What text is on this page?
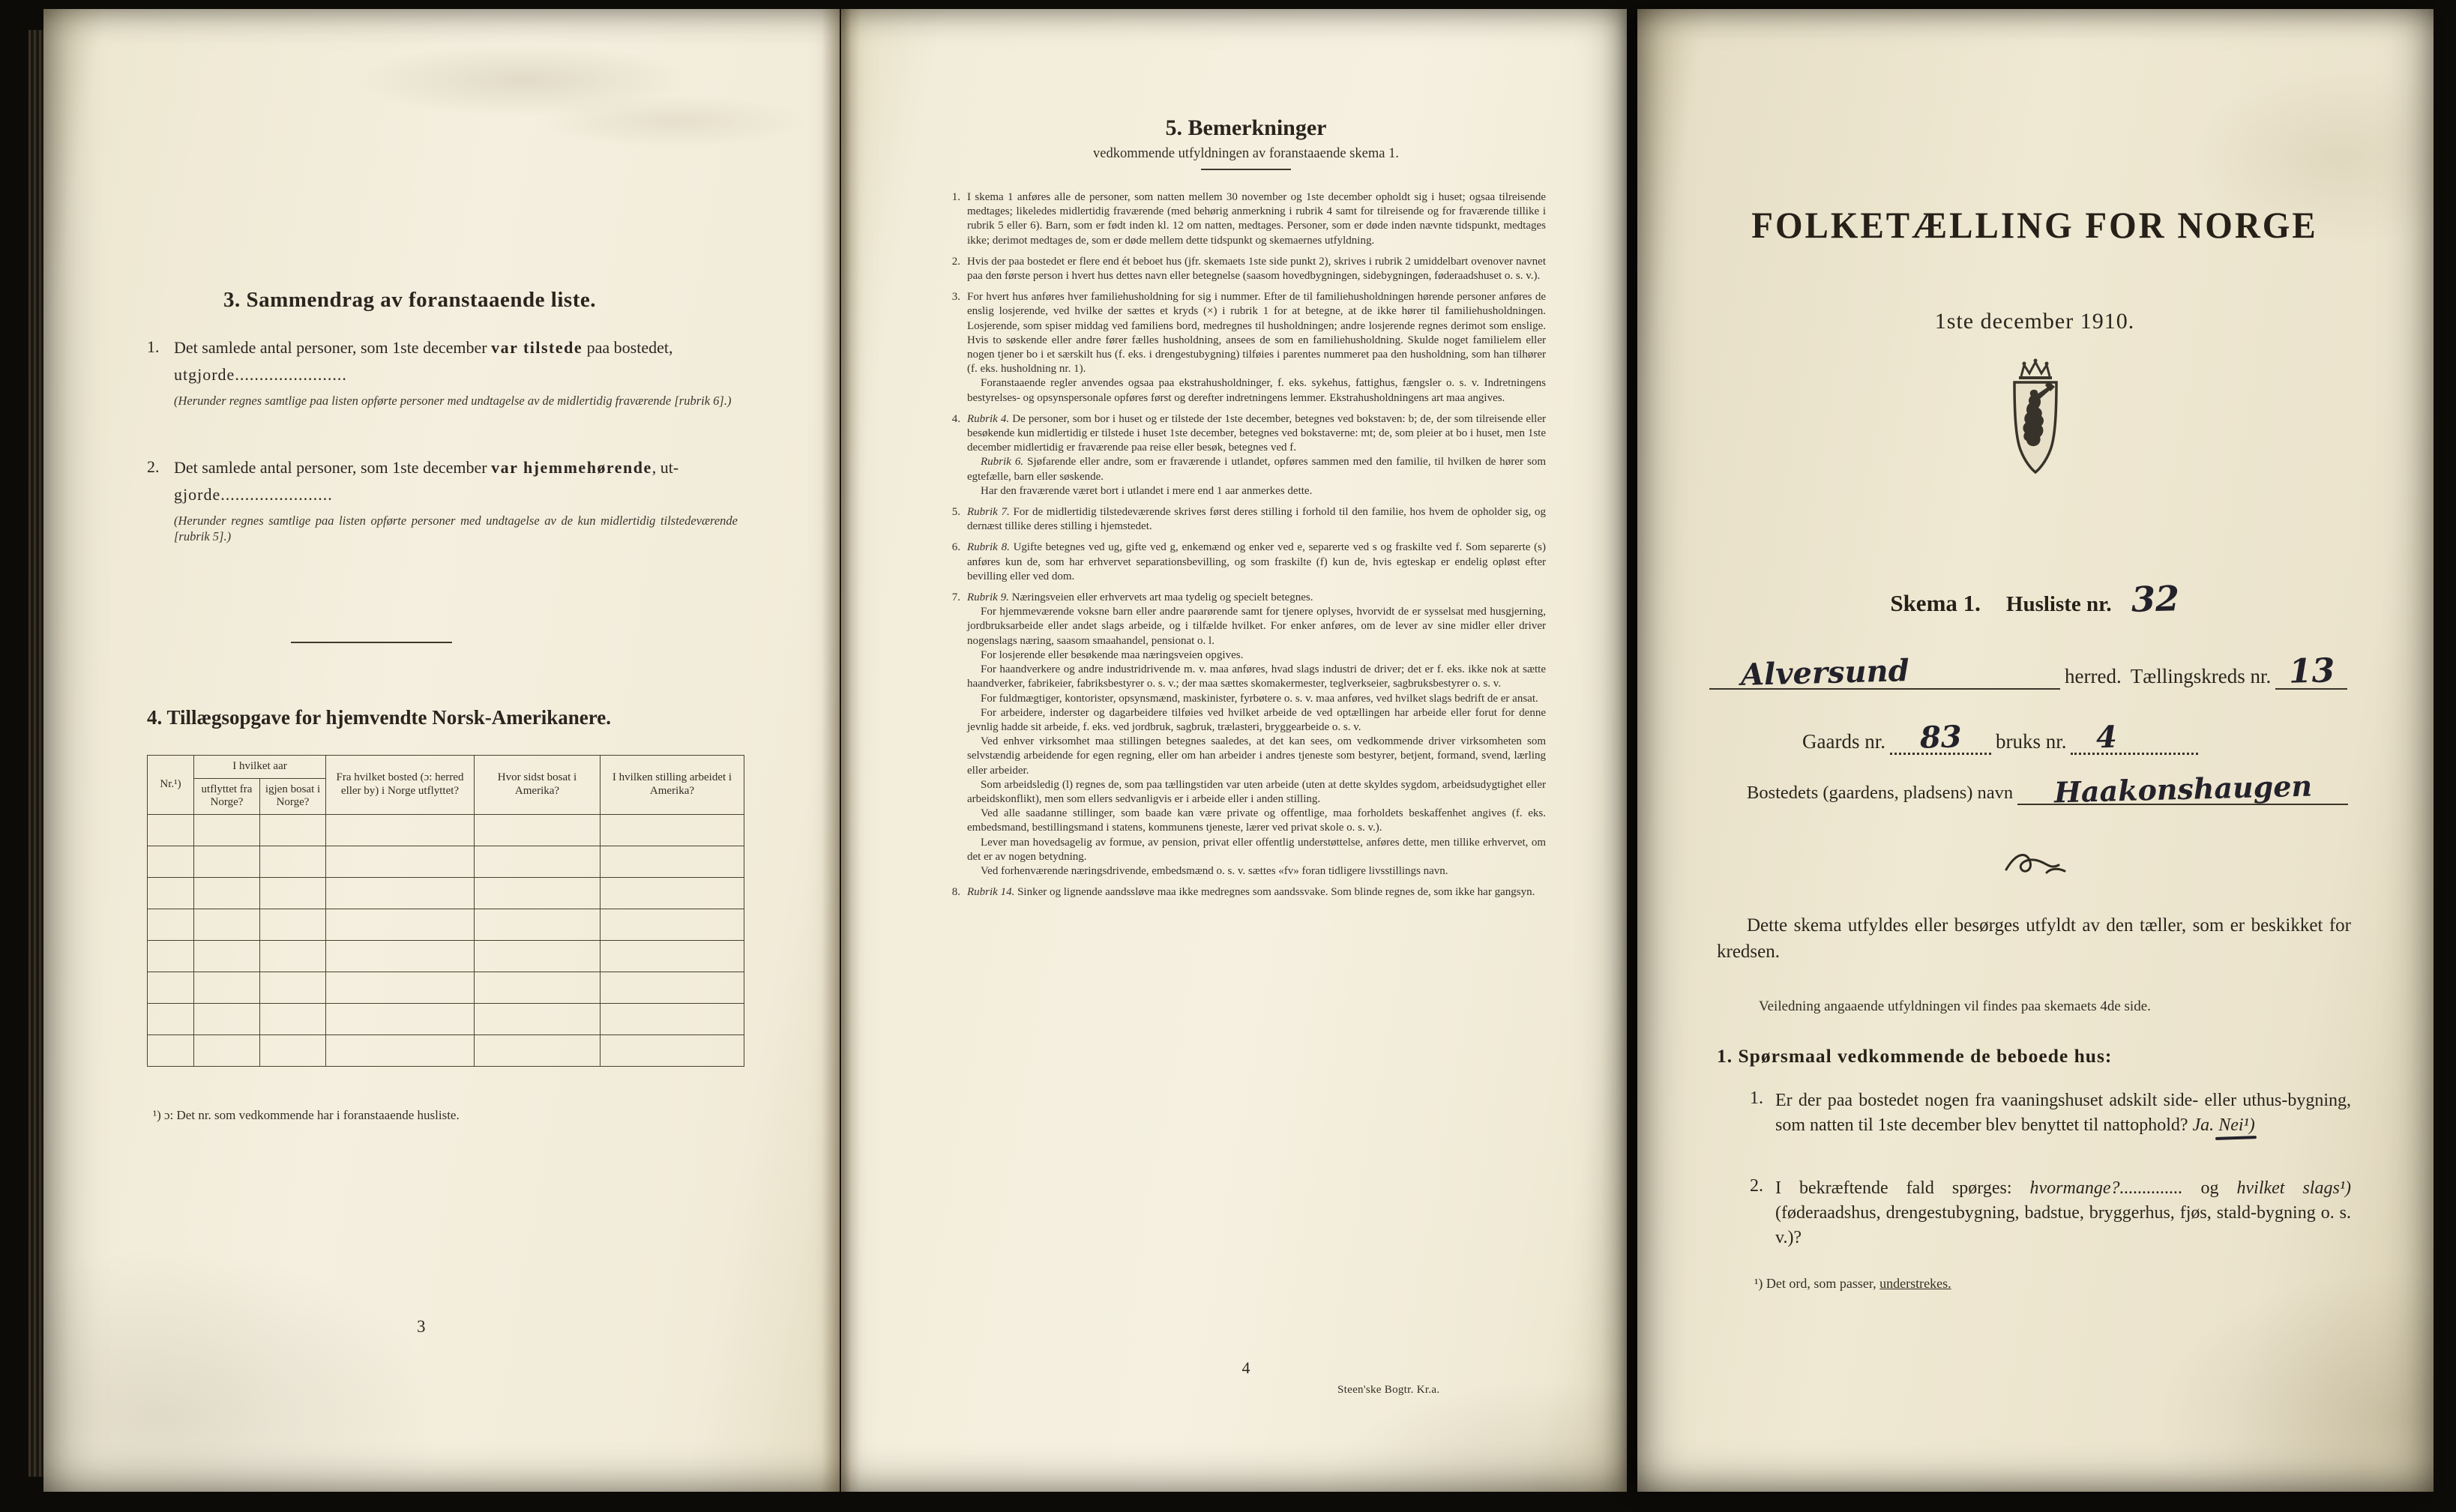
3. Sammendrag av foranstaaende liste.
1. Det samlede antal personer, som 1ste december var tilstede paa bostedet,

utgjorde.......................

(Herunder regnes samtlige paa listen opførte personer med undtagelse av de midlertidig fraværende [rubrik 6].)

2. Det samlede antal personer, som 1ste december var hjemmehørende, ut-

gjorde.......................

(Herunder regnes samtlige paa listen opførte personer med undtagelse av de kun midlertidig tilstedeværende [rubrik 5].)

4. Tillægsopgave for hjemvendte Norsk-Amerikanere.
Nr.¹)	I hvilket aar		Fra hvilket bosted (ɔ: herred eller by) i Norge utflyttet?	Hvor sidst bosat i Amerika?	I hvilken stilling arbeidet i Amerika?
	utflyttet fra Norge?	igjen bosat i Norge?			

¹) ɔ: Det nr. som vedkommende har i foranstaaende husliste.

3
5. Bemerkninger

vedkommende utfyldningen av foranstaaende skema 1.

1. I skema 1 anføres alle de personer, som natten mellem 30 november og 1ste december opholdt sig i huset; ogsaa tilreisende medtages; likeledes midlertidig fraværende (med behørig anmerkning i rubrik 4 samt for tilreisende og for fraværende tillike i rubrik 5 eller 6). Barn, som er født inden kl. 12 om natten, medtages. Personer, som er døde inden nævnte tidspunkt, medtages ikke; derimot medtages de, som er døde mellem dette tidspunkt og skemaernes utfyldning.

2. Hvis der paa bostedet er flere end ét beboet hus (jfr. skemaets 1ste side punkt 2), skrives i rubrik 2 umiddelbart ovenover navnet paa den første person i hvert hus dettes navn eller betegnelse (saasom hovedbygningen, sidebygningen, føderaadshuset o. s. v.).

3. For hvert hus anføres hver familiehusholdning for sig i nummer. Efter de til familiehusholdningen hørende personer anføres de enslig losjerende, ved hvilke der sættes et kryds (×) i rubrik 1 for at betegne, at de ikke hører til familiehusholdningen. Losjerende, som spiser middag ved familiens bord, medregnes til husholdningen; andre losjerende regnes derimot som enslige. Hvis to søskende eller andre fører fælles husholdning, ansees de som en familiehusholdning. Skulde noget familielem eller nogen tjener bo i et særskilt hus (f. eks. i drengestubygning) tilføies i parentes nummeret paa den husholdning, som han tilhører (f. eks. husholdning nr. 1).

Foranstaaende regler anvendes ogsaa paa ekstrahusholdninger, f. eks. sykehus, fattighus, fængsler o. s. v. Indretningens bestyrelses- og opsynspersonale opføres først og derefter indretningens lemmer. Ekstrahusholdningens art maa angives.

4. Rubrik 4. De personer, som bor i huset og er tilstede der 1ste december, betegnes ved bokstaven: b; de, der som tilreisende eller besøkende kun midlertidig er tilstede i huset 1ste december, betegnes ved bokstaverne: mt; de, som pleier at bo i huset, men 1ste december midlertidig er fraværende paa reise eller besøk, betegnes ved f.

Rubrik 6. Sjøfarende eller andre, som er fraværende i utlandet, opføres sammen med den familie, til hvilken de hører som egtefælle, barn eller søskende.

Har den fraværende været bort i utlandet i mere end 1 aar anmerkes dette.

5. Rubrik 7. For de midlertidig tilstedeværende skrives først deres stilling i forhold til den familie, hos hvem de opholder sig, og dernæst tillike deres stilling i hjemstedet.

6. Rubrik 8. Ugifte betegnes ved ug, gifte ved g, enkemænd og enker ved e, separerte ved s og fraskilte ved f. Som separerte (s) anføres kun de, som har erhvervet separationsbevilling, og som fraskilte (f) kun de, hvis egteskap er endelig opløst efter bevilling eller ved dom.

7. Rubrik 9. Næringsveien eller erhvervets art maa tydelig og specielt betegnes.

For hjemmeværende voksne barn eller andre paarørende samt for tjenere oplyses, hvorvidt de er sysselsat med husgjerning, jordbruksarbeide eller andet slags arbeide, og i tilfælde hvilket. For enker anføres, om de lever av sine midler eller driver nogenslags næring, saasom smaahandel, pensionat o. l.

For losjerende eller besøkende maa næringsveien opgives.

For haandverkere og andre industridrivende m. v. maa anføres, hvad slags industri de driver; det er f. eks. ikke nok at sætte haandverker, fabrikeier, fabriksbestyrer o. s. v.; der maa sættes skomakermester, teglverkseier, sagbruksbestyrer o. s. v.

For fuldmægtiger, kontorister, opsynsmænd, maskinister, fyrbøtere o. s. v. maa anføres, ved hvilket slags bedrift de er ansat.

For arbeidere, inderster og dagarbeidere tilføies ved hvilket arbeide de ved optællingen har arbeide eller forut for denne jevnlig hadde sit arbeide, f. eks. ved jordbruk, sagbruk, trælasteri, bryggearbeide o. s. v.

Ved enhver virksomhet maa stillingen betegnes saaledes, at det kan sees, om vedkommende driver virksomheten som selvstændig arbeidende for egen regning, eller om han arbeider i andres tjeneste som bestyrer, betjent, formand, svend, lærling eller arbeider.

Som arbeidsledig (l) regnes de, som paa tællingstiden var uten arbeide (uten at dette skyldes sygdom, arbeidsudygtighet eller arbeidskonflikt), men som ellers sedvanligvis er i arbeide eller i anden stilling.

Ved alle saadanne stillinger, som baade kan være private og offentlige, maa forholdets beskaffenhet angives (f. eks. embedsmand, bestillingsmand i statens, kommunens tjeneste, lærer ved privat skole o. s. v.).

Lever man hovedsagelig av formue, av pension, privat eller offentlig understøttelse, anføres dette, men tillike erhvervet, om det er av nogen betydning.

Ved forhenværende næringsdrivende, embedsmænd o. s. v. sættes «fv» foran tidligere livsstillings navn.

8. Rubrik 14. Sinker og lignende aandssløve maa ikke medregnes som aandssvake. Som blinde regnes de, som ikke har gangsyn.

4
Steen'ske Bogtr. Kr.a.
FOLKETÆLLING FOR NORGE

1ste december 1910.

Skema 1. Husliste nr. 32
Alversund	herred. Tællingskreds nr. 13
Gaards nr. 83 bruks nr. 4
Bostedets (gaardens, pladsens) navn Haakonshaugen

Dette skema utfyldes eller besørges utfyldt av den tæller, som er beskikket for kredsen.

Veiledning angaaende utfyldningen vil findes paa skemaets 4de side.

1. Spørsmaal vedkommende de beboede hus:
1. Er der paa bostedet nogen fra vaaningshuset adskilt side- eller uthus-bygning, som natten til 1ste december blev benyttet til nattophold? Ja. Nei¹)

2. I bekræftende fald spørges: hvormange?.............. og hvilket slags¹) (føderaadshus, drengestubygning, badstue, bryggerhus, fjøs, stald-bygning o. s. v.)?

¹) Det ord, som passer, understrekes.
